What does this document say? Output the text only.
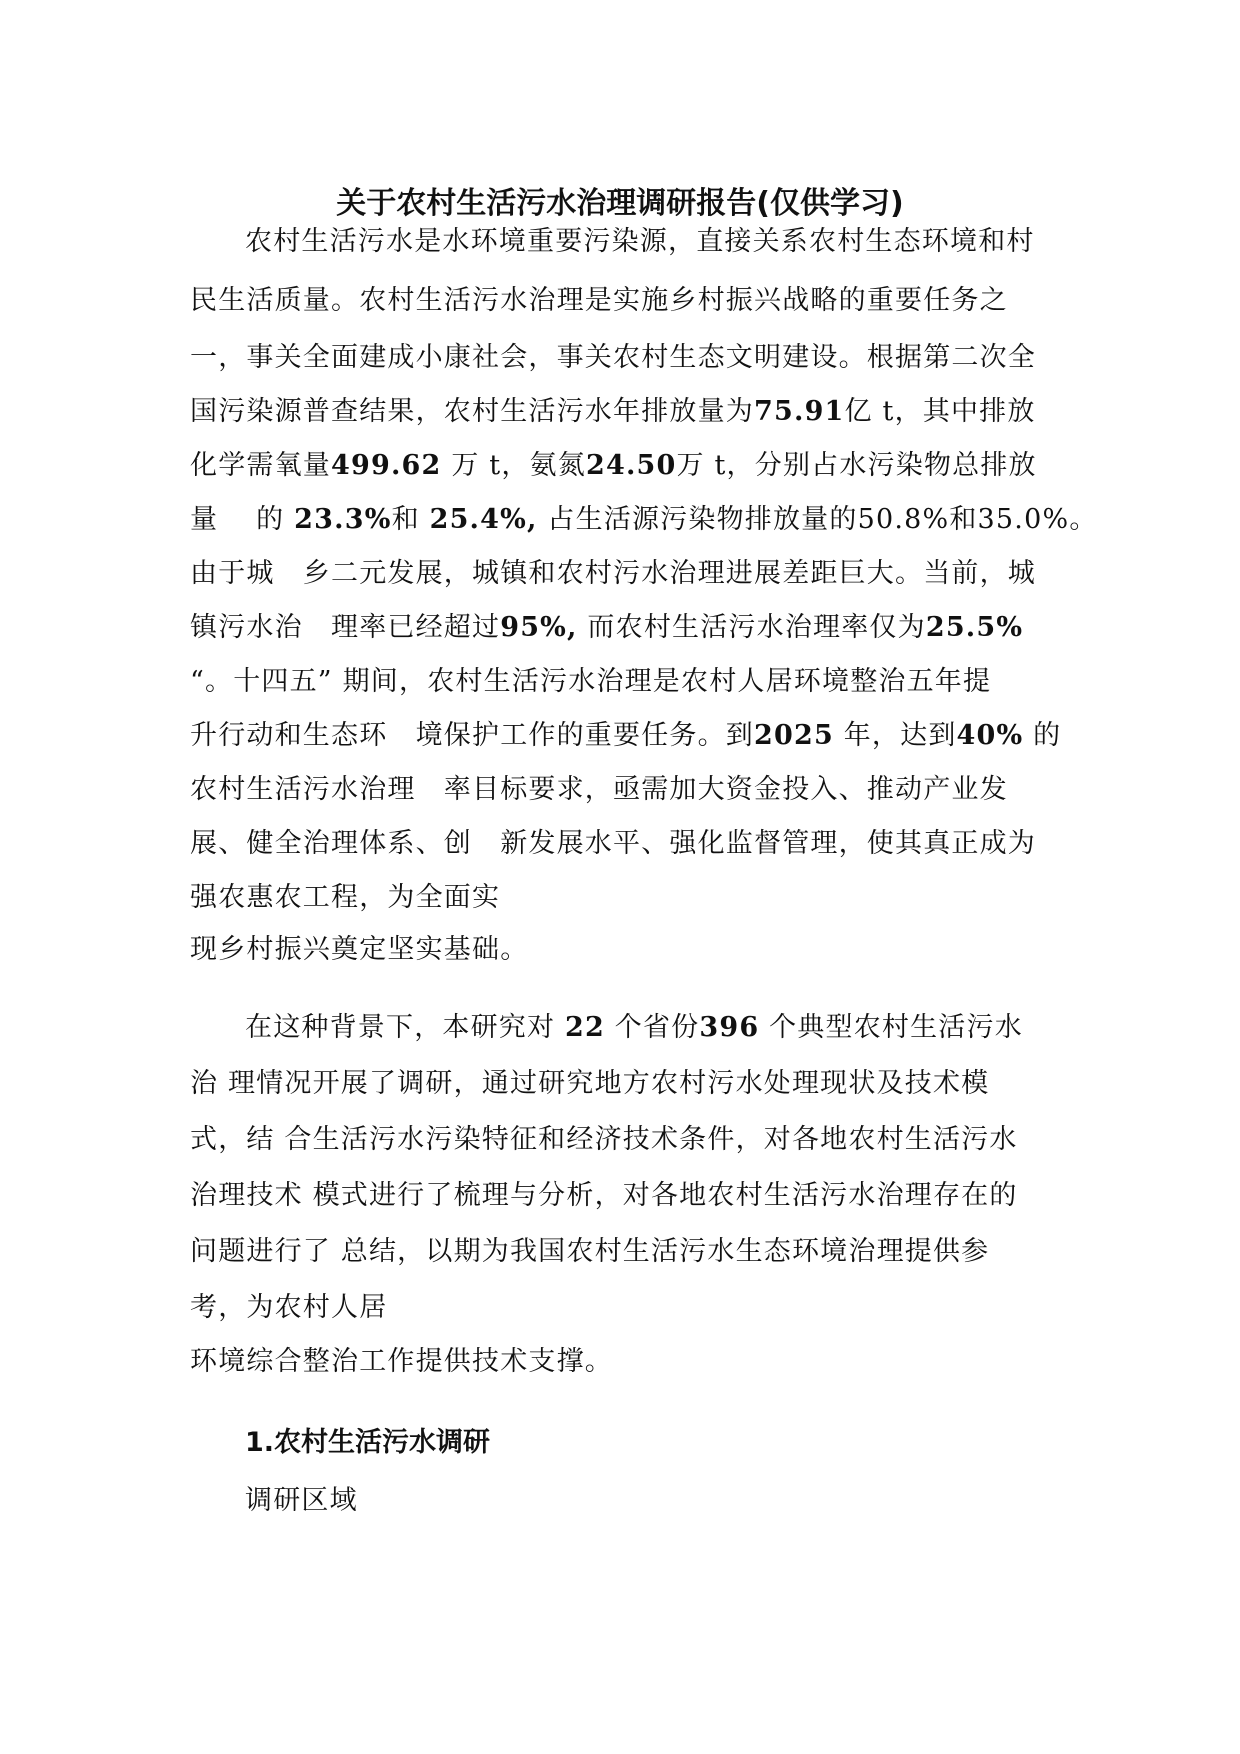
关于农村生活污水治理调研报告(仅供学习)
农村生活污水是水环境重要污染源，直接关系农村生态环境和村
民生活质量。农村生活污水治理是实施乡村振兴战略的重要任务之
一，事关全面建成小康社会，事关农村生态文明建设。根据第二次全
国污染源普查结果，农村生活污水年排放量为75.91亿 t，其中排放
化学需氧量499.62 万 t，氨氮24.50万 t，分别占水污染物总排放
量　 的 23.3%和 25.4%, 占生活源污染物排放量的50.8%和35.0%。
由于城　乡二元发展，城镇和农村污水治理进展差距巨大。当前，城
镇污水治　理率已经超过95%, 而农村生活污水治理率仅为25.5%
“。十四五” 期间，农村生活污水治理是农村人居环境整治五年提
升行动和生态环　境保护工作的重要任务。到2025 年，达到40% 的
农村生活污水治理　率目标要求，亟需加大资金投入、推动产业发
展、健全治理体系、创　新发展水平、强化监督管理，使其真正成为
强农惠农工程，为全面实
现乡村振兴奠定坚实基础。
在这种背景下，本研究对 22 个省份396 个典型农村生活污水
治 理情况开展了调研，通过研究地方农村污水处理现状及技术模
式，结 合生活污水污染特征和经济技术条件，对各地农村生活污水
治理技术 模式进行了梳理与分析，对各地农村生活污水治理存在的
问题进行了 总结，以期为我国农村生活污水生态环境治理提供参
考，为农村人居
环境综合整治工作提供技术支撑。
1.农村生活污水调研
调研区域
